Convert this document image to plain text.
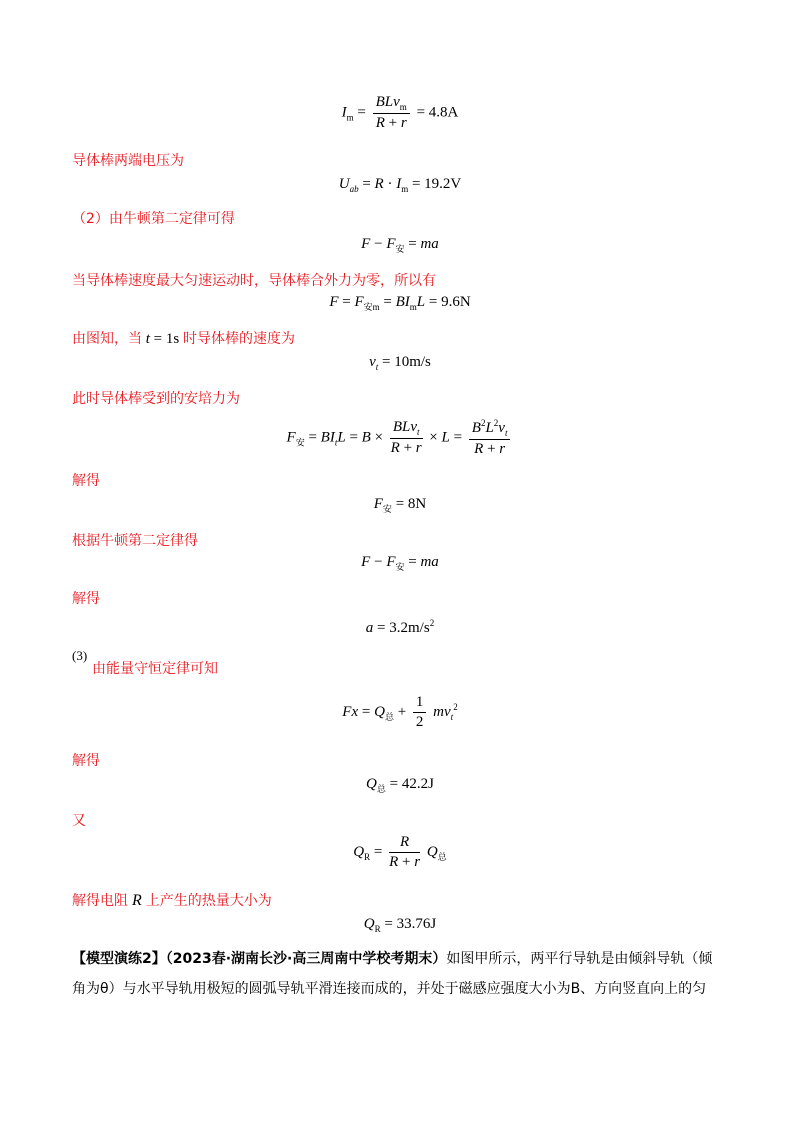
$I_m = \frac{BLv_m}{R + r} = 4.8A$
导体棒两端电压为
$U_{ab} = R \cdot I_m = 19.2V$
（2）由牛顿第二定律可得
$F - F_安$ = ma
当导体棒速度最大匀速运动时，导体棒合外力为零，所以有
$F = F_{安m} = BI_mL = 9.6N$
由图知，当 t = 1s 时导体棒的速度为
$v_t = 10m/s$
此时导体棒受到的安培力为
$F_安 = BI_tL = B \times \frac{BLv_t}{R + r} \times L = \frac{B^2L^2v_t}{R + r}$
解得
$F_安 = 8N$
根据牛顿第二定律得
$F - F_安$ = ma
解得
$a = 3.2m/s^2$
(3)
由能量守恒定律可知
$Fx = Q_总 + \frac{1}{2} mv_t^2$
解得
$Q_总 = 42.2J$
又
$Q_R = \frac{R}{R + r} Q_总$
解得电阻 R 上产生的热量大小为
$Q_R = 33.76J$
【模型演练2】（2023春·湖南长沙·高三周南中学校考期末）如图甲所示，两平行导轨是由倾斜导轨（倾
角为θ）与水平导轨用极短的圆弧导轨平滑连接而成的，并处于磁感应强度大小为B、方向竖直向上的匀
